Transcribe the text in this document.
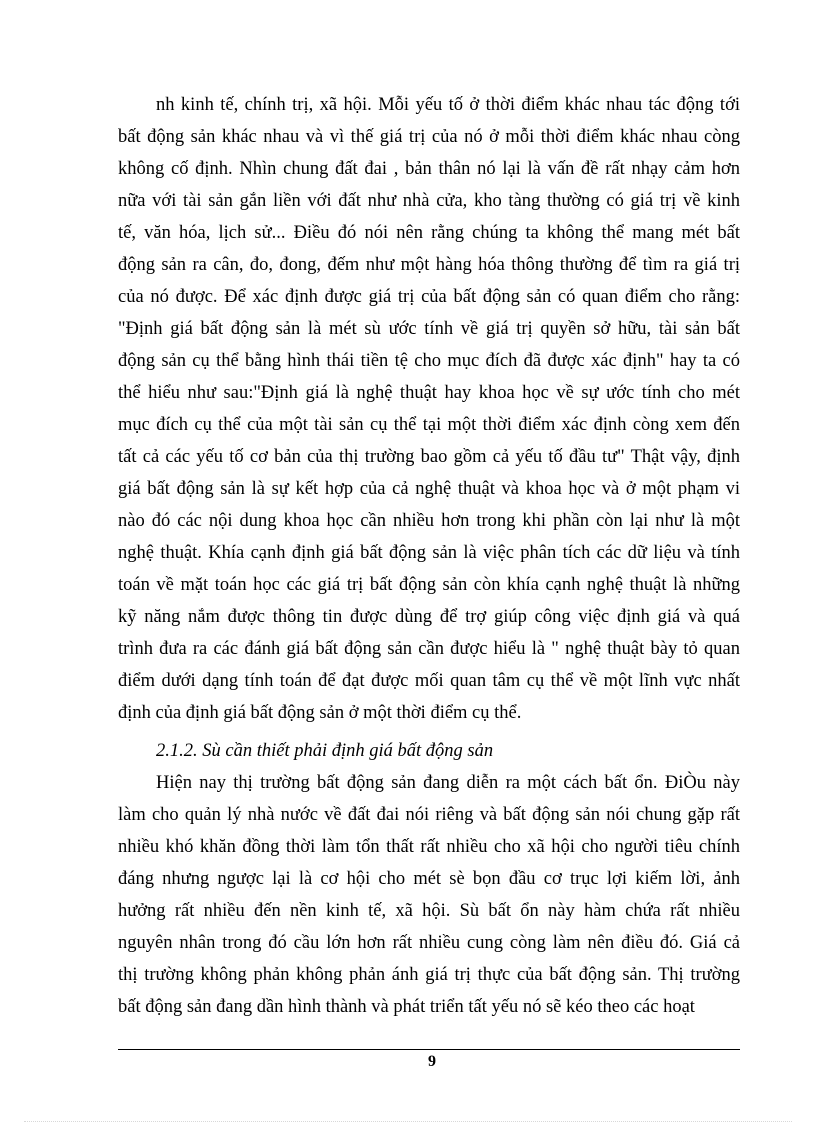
nh kinh tế, chính trị, xã hội. Mỗi yếu tố ở thời điểm khác nhau tác động tới
bất động sản khác nhau và vì thế giá trị của nó ở mỗi thời điểm khác nhau còng
không cố định. Nhìn chung đất đai , bản thân nó lại là vấn đề rất nhạy cảm hơn
nữa với tài sản gắn liền với đất như nhà cửa, kho tàng thường có giá trị về kinh
tế, văn hóa, lịch sử... Điều đó nói nên rằng chúng ta không thể mang mét bất
động sản ra cân, đo, đong, đếm như một hàng hóa thông thường để tìm ra giá trị
của nó được. Để xác định được giá trị của bất động sản có quan điểm cho rằng:
"Định giá bất động sản là mét sù ước tính về giá trị quyền sở hữu, tài sản bất
động sản cụ thể bằng hình thái tiền tệ cho mục đích đã được xác định" hay ta có
thể hiểu như sau:"Định giá là nghệ thuật hay khoa học về sự ước tính cho mét
mục đích cụ thể của một tài sản cụ thể tại một thời điểm xác định còng xem đến
tất cả các yếu tố cơ bản của thị trường bao gồm cả yếu tố đầu tư" Thật vậy, định
giá bất động sản là sự kết hợp của cả nghệ thuật và khoa học và ở một phạm vi
nào đó các nội dung khoa học cần nhiều hơn trong khi phần còn lại như là một
nghệ thuật. Khía cạnh định giá bất động sản là việc phân tích các dữ liệu và tính
toán về mặt toán học các giá trị bất động sản còn khía cạnh nghệ thuật là những
kỹ năng nắm được thông tin được dùng để trợ giúp công việc định giá và quá
trình đưa ra các đánh giá bất động sản cần được hiểu là " nghệ thuật bày tỏ quan
điểm dưới dạng tính toán để đạt được mối quan tâm cụ thể về một lĩnh vực nhất
định của định giá bất động sản ở một thời điểm cụ thể.
2.1.2. Sù cần thiết phải định giá bất động sản
Hiện nay thị trường bất động sản đang diễn ra một cách bất ổn. ĐiÒu này
làm cho quản lý nhà nước về đất đai nói riêng và bất động sản nói chung gặp rất
nhiều khó khăn đồng thời làm tổn thất rất nhiều cho xã hội cho người tiêu chính
đáng nhưng ngược lại là cơ hội cho mét sè bọn đầu cơ trục lợi kiếm lời, ảnh
hưởng rất nhiều đến nền kinh tế, xã hội. Sù bất ổn này hàm chứa rất nhiều
nguyên nhân trong đó cầu lớn hơn rất nhiều cung còng làm nên điều đó. Giá cả
thị trường không phản không phản ánh giá trị thực của bất động sản. Thị trường
bất động sản đang dần hình thành và phát triển tất yếu nó sẽ kéo theo các hoạt
9
